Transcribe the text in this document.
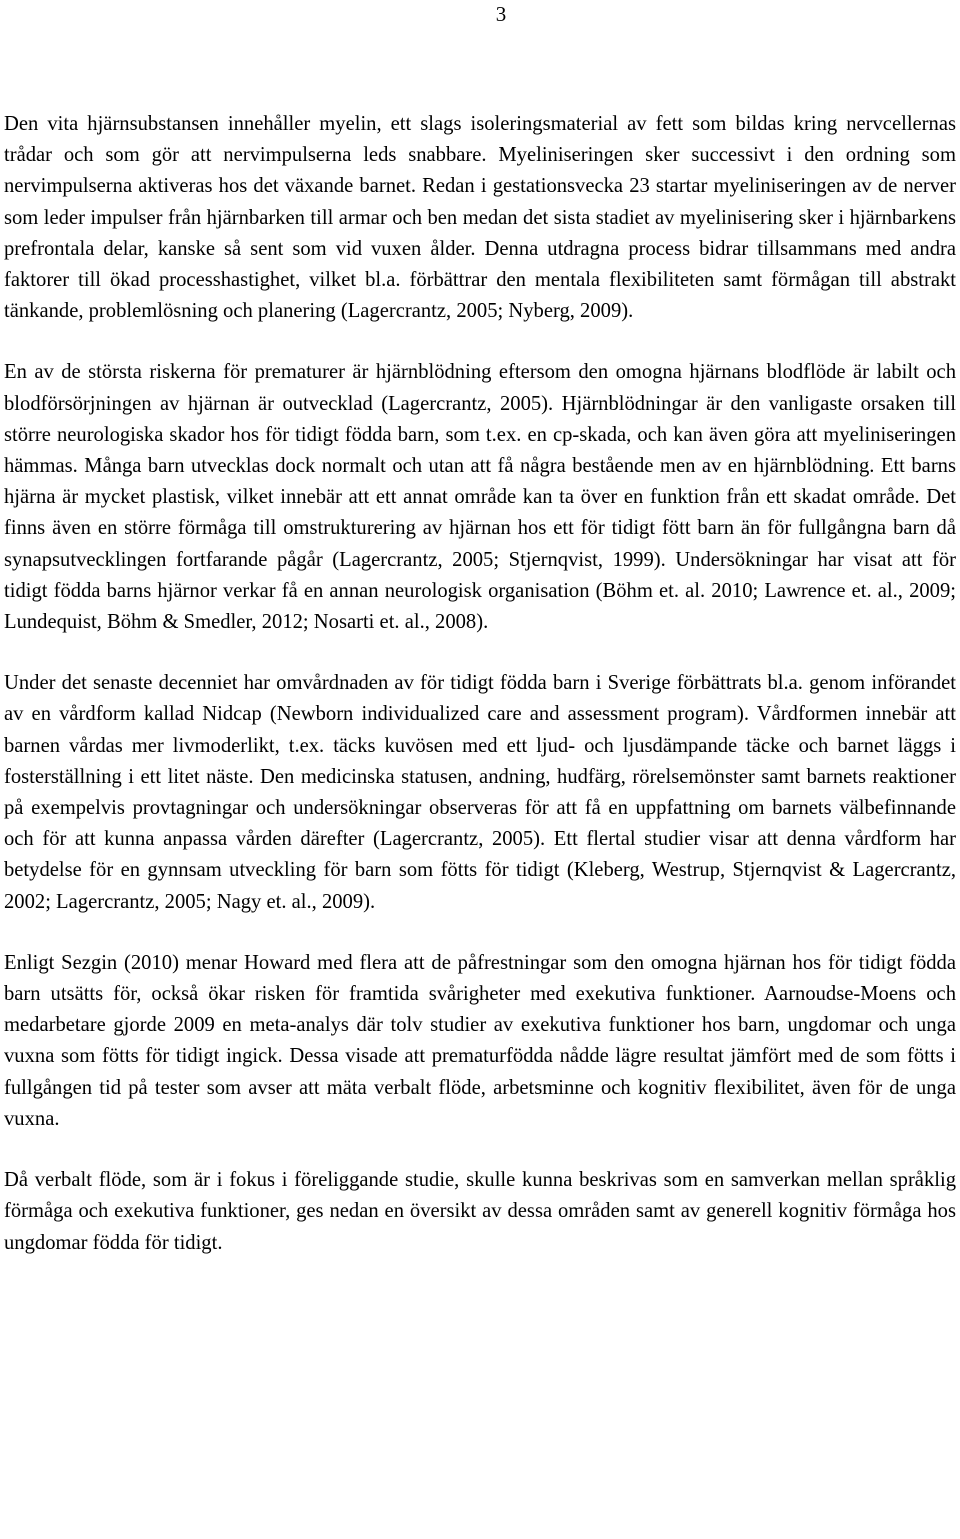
3

Den vita hjärnsubstansen innehåller myelin, ett slags isoleringsmaterial av fett som bildas kring nervcellernas trådar och som gör att nervimpulserna leds snabbare. Myeliniseringen sker successivt i den ordning som nervimpulserna aktiveras hos det växande barnet. Redan i gestationsvecka 23 startar myeliniseringen av de nerver som leder impulser från hjärnbarken till armar och ben medan det sista stadiet av myelinisering sker i hjärnbarkens prefrontala delar, kanske så sent som vid vuxen ålder. Denna utdragna process bidrar tillsammans med andra faktorer till ökad processhastighet, vilket bl.a. förbättrar den mentala flexibiliteten samt förmågan till abstrakt tänkande, problemlösning och planering (Lagercrantz, 2005; Nyberg, 2009).

En av de största riskerna för prematurer är hjärnblödning eftersom den omogna hjärnans blodflöde är labilt och blodförsörjningen av hjärnan är outvecklad (Lagercrantz, 2005). Hjärnblödningar är den vanligaste orsaken till större neurologiska skador hos för tidigt födda barn, som t.ex. en cp-skada, och kan även göra att myeliniseringen hämmas. Många barn utvecklas dock normalt och utan att få några bestående men av en hjärnblödning. Ett barns hjärna är mycket plastisk, vilket innebär att ett annat område kan ta över en funktion från ett skadat område. Det finns även en större förmåga till omstrukturering av hjärnan hos ett för tidigt fött barn än för fullgångna barn då synapsutvecklingen fortfarande pågår (Lagercrantz, 2005; Stjernqvist, 1999). Undersökningar har visat att för tidigt födda barns hjärnor verkar få en annan neurologisk organisation (Böhm et. al. 2010; Lawrence et. al., 2009; Lundequist, Böhm & Smedler, 2012; Nosarti et. al., 2008).

Under det senaste decenniet har omvårdnaden av för tidigt födda barn i Sverige förbättrats bl.a. genom införandet av en vårdform kallad Nidcap (Newborn individualized care and assessment program). Vårdformen innebär att barnen vårdas mer livmoderlikt, t.ex. täcks kuvösen med ett ljud- och ljusdämpande täcke och barnet läggs i fosterställning i ett litet näste. Den medicinska statusen, andning, hudfärg, rörelsemönster samt barnets reaktioner på exempelvis provtagningar och undersökningar observeras för att få en uppfattning om barnets välbefinnande och för att kunna anpassa vården därefter (Lagercrantz, 2005). Ett flertal studier visar att denna vårdform har betydelse för en gynnsam utveckling för barn som fötts för tidigt (Kleberg, Westrup, Stjernqvist & Lagercrantz, 2002; Lagercrantz, 2005; Nagy et. al., 2009).

Enligt Sezgin (2010) menar Howard med flera att de påfrestningar som den omogna hjärnan hos för tidigt födda barn utsätts för, också ökar risken för framtida svårigheter med exekutiva funktioner. Aarnoudse-Moens och medarbetare gjorde 2009 en meta-analys där tolv studier av exekutiva funktioner hos barn, ungdomar och unga vuxna som fötts för tidigt ingick. Dessa visade att prematurfödda nådde lägre resultat jämfört med de som fötts i fullgången tid på tester som avser att mäta verbalt flöde, arbetsminne och kognitiv flexibilitet, även för de unga vuxna.

Då verbalt flöde, som är i fokus i föreliggande studie, skulle kunna beskrivas som en samverkan mellan språklig förmåga och exekutiva funktioner, ges nedan en översikt av dessa områden samt av generell kognitiv förmåga hos ungdomar födda för tidigt.
